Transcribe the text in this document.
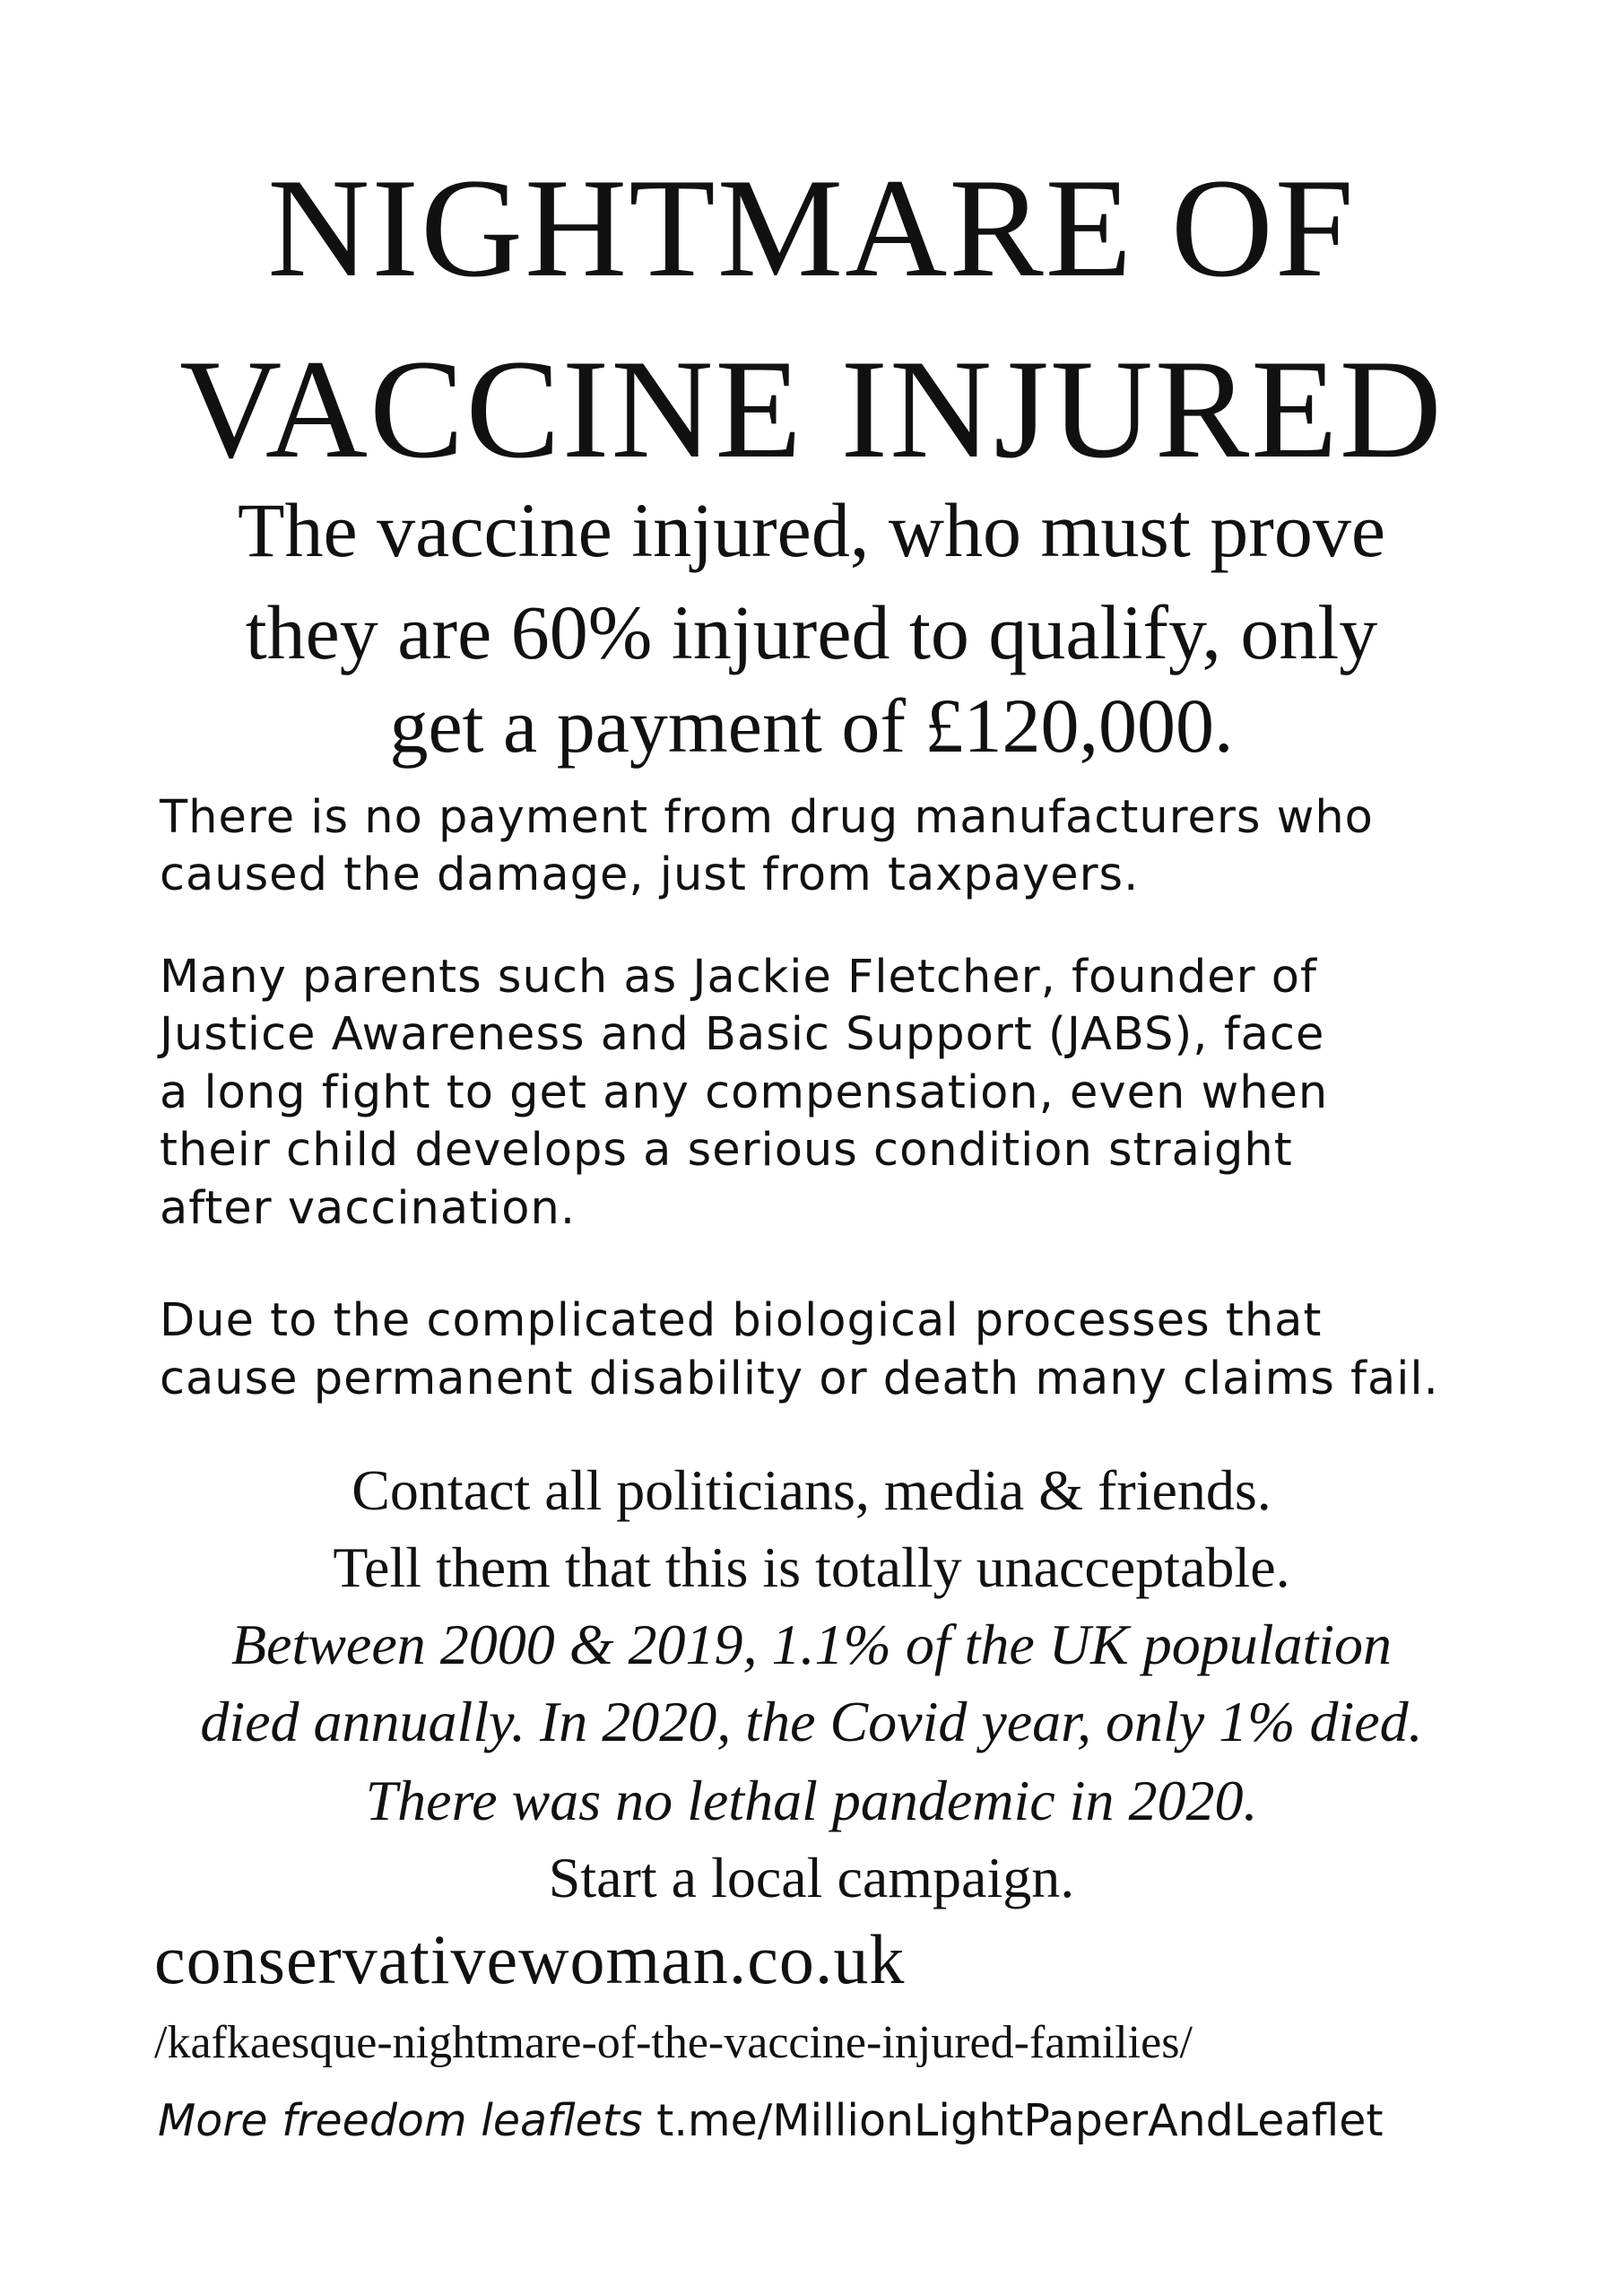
NIGHTMARE OF
VACCINE INJURED
The vaccine injured, who must prove
they are 60% injured to qualify, only
get a payment of £120,000.
There is no payment from drug manufacturers who
caused the damage, just from taxpayers.
Many parents such as Jackie Fletcher, founder of
Justice Awareness and Basic Support (JABS), face
a long fight to get any compensation, even when
their child develops a serious condition straight
after vaccination.
Due to the complicated biological processes that
cause permanent disability or death many claims fail.
Contact all politicians, media & friends.
Tell them that this is totally unacceptable.
Between 2000 & 2019, 1.1% of the UK population
died annually. In 2020, the Covid year, only 1% died.
There was no lethal pandemic in 2020.
Start a local campaign.
conservativewoman.co.uk
/kafkaesque-nightmare-of-the-vaccine-injured-families/
More freedom leaflets t.me/MillionLightPaperAndLeaflet
